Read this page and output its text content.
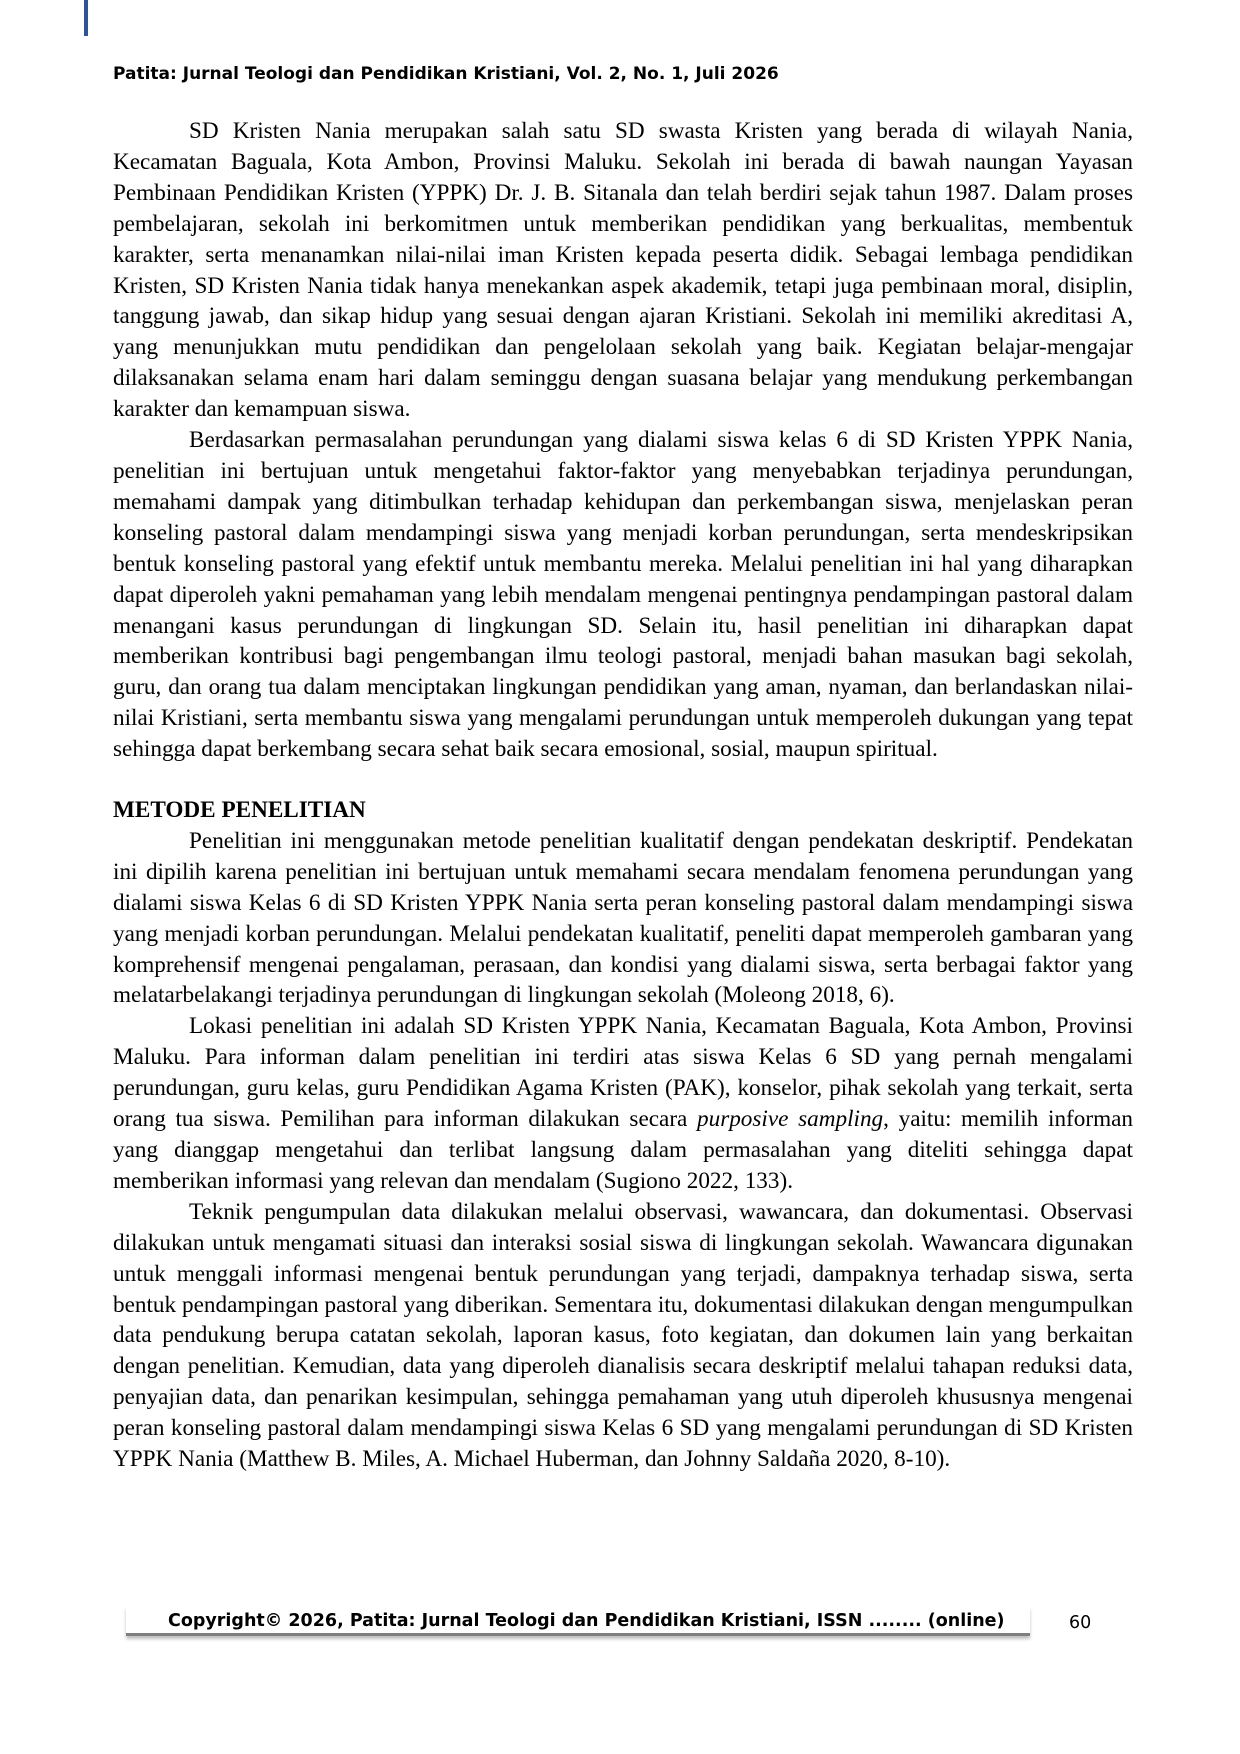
Patita: Jurnal Teologi dan Pendidikan Kristiani, Vol. 2, No. 1, Juli 2026

SD Kristen Nania merupakan salah satu SD swasta Kristen yang berada di wilayah Nania, Kecamatan Baguala, Kota Ambon, Provinsi Maluku. Sekolah ini berada di bawah naungan Yayasan Pembinaan Pendidikan Kristen (YPPK) Dr. J. B. Sitanala dan telah berdiri sejak tahun 1987. Dalam proses pembelajaran, sekolah ini berkomitmen untuk memberikan pendidikan yang berkualitas, membentuk karakter, serta menanamkan nilai-nilai iman Kristen kepada peserta didik. Sebagai lembaga pendidikan Kristen, SD Kristen Nania tidak hanya menekankan aspek akademik, tetapi juga pembinaan moral, disiplin, tanggung jawab, dan sikap hidup yang sesuai dengan ajaran Kristiani. Sekolah ini memiliki akreditasi A, yang menunjukkan mutu pendidikan dan pengelolaan sekolah yang baik. Kegiatan belajar-mengajar dilaksanakan selama enam hari dalam seminggu dengan suasana belajar yang mendukung perkembangan karakter dan kemampuan siswa.

Berdasarkan permasalahan perundungan yang dialami siswa kelas 6 di SD Kristen YPPK Nania, penelitian ini bertujuan untuk mengetahui faktor-faktor yang menyebabkan terjadinya perundungan, memahami dampak yang ditimbulkan terhadap kehidupan dan perkembangan siswa, menjelaskan peran konseling pastoral dalam mendampingi siswa yang menjadi korban perundungan, serta mendeskripsikan bentuk konseling pastoral yang efektif untuk membantu mereka. Melalui penelitian ini hal yang diharapkan dapat diperoleh yakni pemahaman yang lebih mendalam mengenai pentingnya pendampingan pastoral dalam menangani kasus perundungan di lingkungan SD. Selain itu, hasil penelitian ini diharapkan dapat memberikan kontribusi bagi pengembangan ilmu teologi pastoral, menjadi bahan masukan bagi sekolah, guru, dan orang tua dalam menciptakan lingkungan pendidikan yang aman, nyaman, dan berlandaskan nilai-nilai Kristiani, serta membantu siswa yang mengalami perundungan untuk memperoleh dukungan yang tepat sehingga dapat berkembang secara sehat baik secara emosional, sosial, maupun spiritual.

METODE PENELITIAN

Penelitian ini menggunakan metode penelitian kualitatif dengan pendekatan deskriptif. Pendekatan ini dipilih karena penelitian ini bertujuan untuk memahami secara mendalam fenomena perundungan yang dialami siswa Kelas 6 di SD Kristen YPPK Nania serta peran konseling pastoral dalam mendampingi siswa yang menjadi korban perundungan. Melalui pendekatan kualitatif, peneliti dapat memperoleh gambaran yang komprehensif mengenai pengalaman, perasaan, dan kondisi yang dialami siswa, serta berbagai faktor yang melatarbelakangi terjadinya perundungan di lingkungan sekolah (Moleong 2018, 6).

Lokasi penelitian ini adalah SD Kristen YPPK Nania, Kecamatan Baguala, Kota Ambon, Provinsi Maluku. Para informan dalam penelitian ini terdiri atas siswa Kelas 6 SD yang pernah mengalami perundungan, guru kelas, guru Pendidikan Agama Kristen (PAK), konselor, pihak sekolah yang terkait, serta orang tua siswa. Pemilihan para informan dilakukan secara purposive sampling, yaitu: memilih informan yang dianggap mengetahui dan terlibat langsung dalam permasalahan yang diteliti sehingga dapat memberikan informasi yang relevan dan mendalam (Sugiono 2022, 133).

Teknik pengumpulan data dilakukan melalui observasi, wawancara, dan dokumentasi. Observasi dilakukan untuk mengamati situasi dan interaksi sosial siswa di lingkungan sekolah. Wawancara digunakan untuk menggali informasi mengenai bentuk perundungan yang terjadi, dampaknya terhadap siswa, serta bentuk pendampingan pastoral yang diberikan. Sementara itu, dokumentasi dilakukan dengan mengumpulkan data pendukung berupa catatan sekolah, laporan kasus, foto kegiatan, dan dokumen lain yang berkaitan dengan penelitian. Kemudian, data yang diperoleh dianalisis secara deskriptif melalui tahapan reduksi data, penyajian data, dan penarikan kesimpulan, sehingga pemahaman yang utuh diperoleh khususnya mengenai peran konseling pastoral dalam mendampingi siswa Kelas 6 SD yang mengalami perundungan di SD Kristen YPPK Nania (Matthew B. Miles, A. Michael Huberman, dan Johnny Saldaña 2020, 8-10).

Copyright© 2026, Patita: Jurnal Teologi dan Pendidikan Kristiani, ISSN ........ (online)	60
